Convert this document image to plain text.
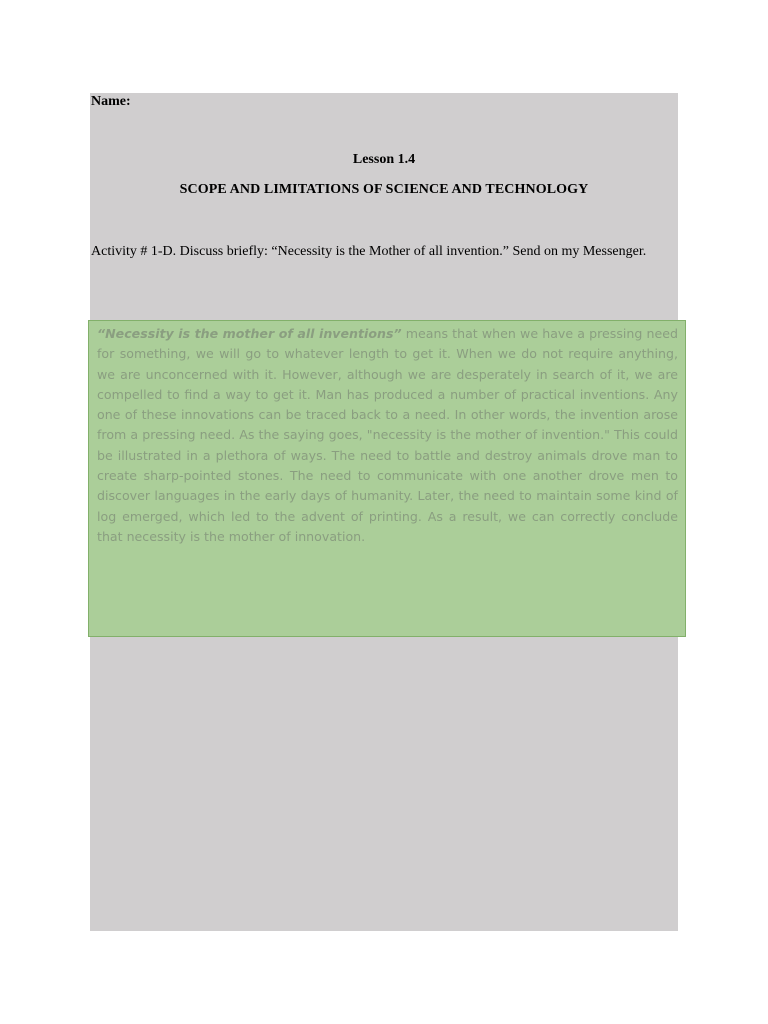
Name:
Lesson 1.4
SCOPE AND LIMITATIONS OF SCIENCE AND TECHNOLOGY
Activity # 1-D. Discuss briefly: “Necessity is the Mother of all invention.” Send on my Messenger.

“Necessity is the mother of all inventions” means that when we have a pressing need for something, we will go to whatever length to get it. When we do not require anything, we are unconcerned with it. However, although we are desperately in search of it, we are compelled to find a way to get it. Man has produced a number of practical inventions. Any one of these innovations can be traced back to a need. In other words, the invention arose from a pressing need. As the saying goes, "necessity is the mother of invention." This could be illustrated in a plethora of ways. The need to battle and destroy animals drove man to create sharp-pointed stones. The need to communicate with one another drove men to discover languages in the early days of humanity. Later, the need to maintain some kind of log emerged, which led to the advent of printing. As a result, we can correctly conclude that necessity is the mother of innovation.
